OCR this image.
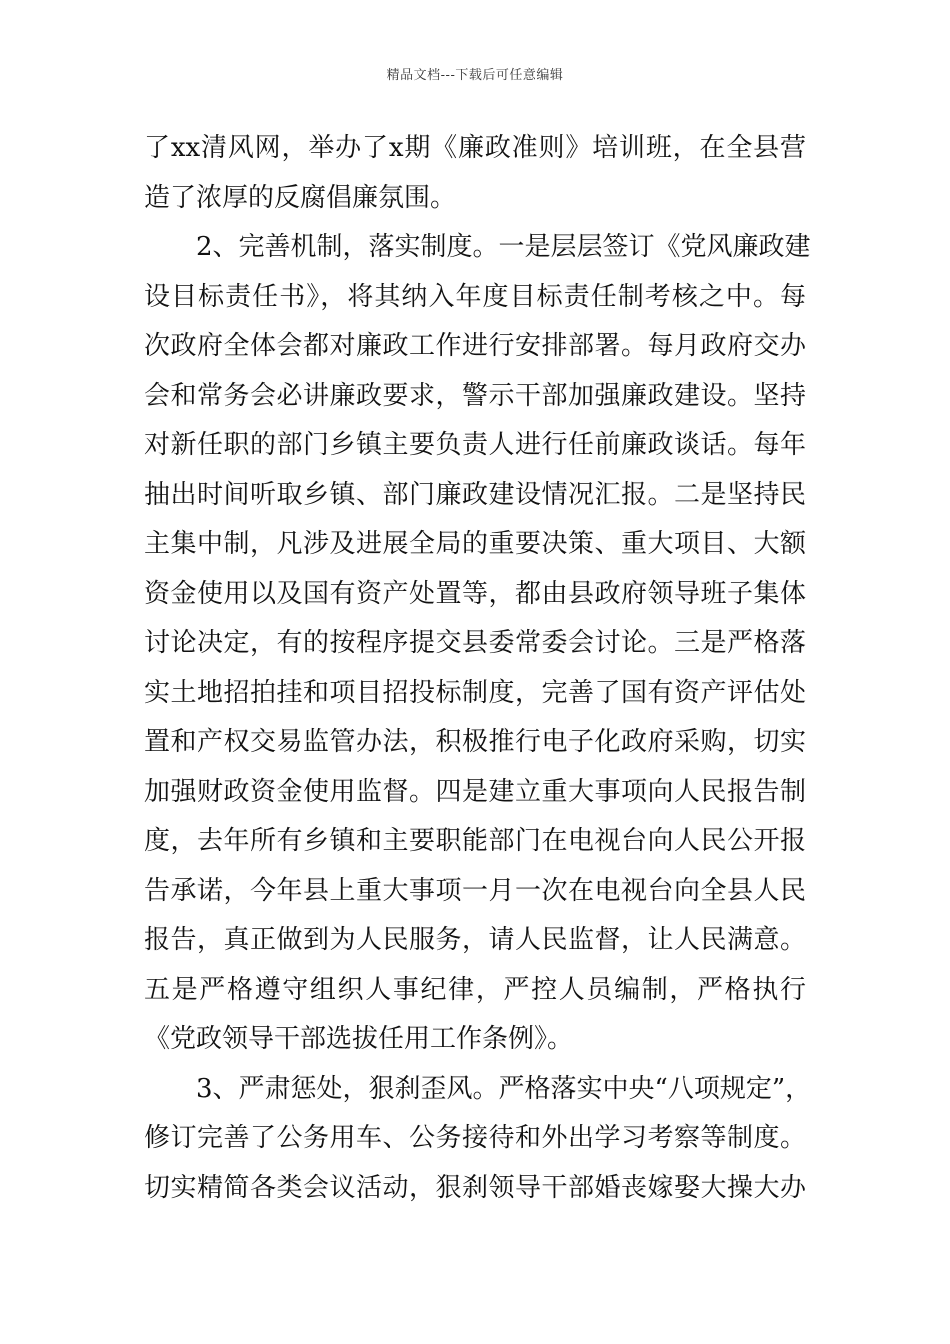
精品文档---下载后可任意编辑
了xx清风网，举办了x期《廉政准则》培训班，在全县营
造了浓厚的反腐倡廉氛围。
　　2、完善机制，落实制度。一是层层签订《党风廉政建
设目标责任书》，将其纳入年度目标责任制考核之中。每
次政府全体会都对廉政工作进行安排部署。每月政府交办
会和常务会必讲廉政要求，警示干部加强廉政建设。坚持
对新任职的部门乡镇主要负责人进行任前廉政谈话。每年
抽出时间听取乡镇、部门廉政建设情况汇报。二是坚持民
主集中制，凡涉及进展全局的重要决策、重大项目、大额
资金使用以及国有资产处置等，都由县政府领导班子集体
讨论决定，有的按程序提交县委常委会讨论。三是严格落
实土地招拍挂和项目招投标制度，完善了国有资产评估处
置和产权交易监管办法，积极推行电子化政府采购，切实
加强财政资金使用监督。四是建立重大事项向人民报告制
度，去年所有乡镇和主要职能部门在电视台向人民公开报
告承诺，今年县上重大事项一月一次在电视台向全县人民
报告，真正做到为人民服务，请人民监督，让人民满意。
五是严格遵守组织人事纪律，严控人员编制，严格执行
《党政领导干部选拔任用工作条例》。
　　3、严肃惩处，狠刹歪风。严格落实中央“八项规定”，
修订完善了公务用车、公务接待和外出学习考察等制度。
切实精简各类会议活动，狠刹领导干部婚丧嫁娶大操大办
